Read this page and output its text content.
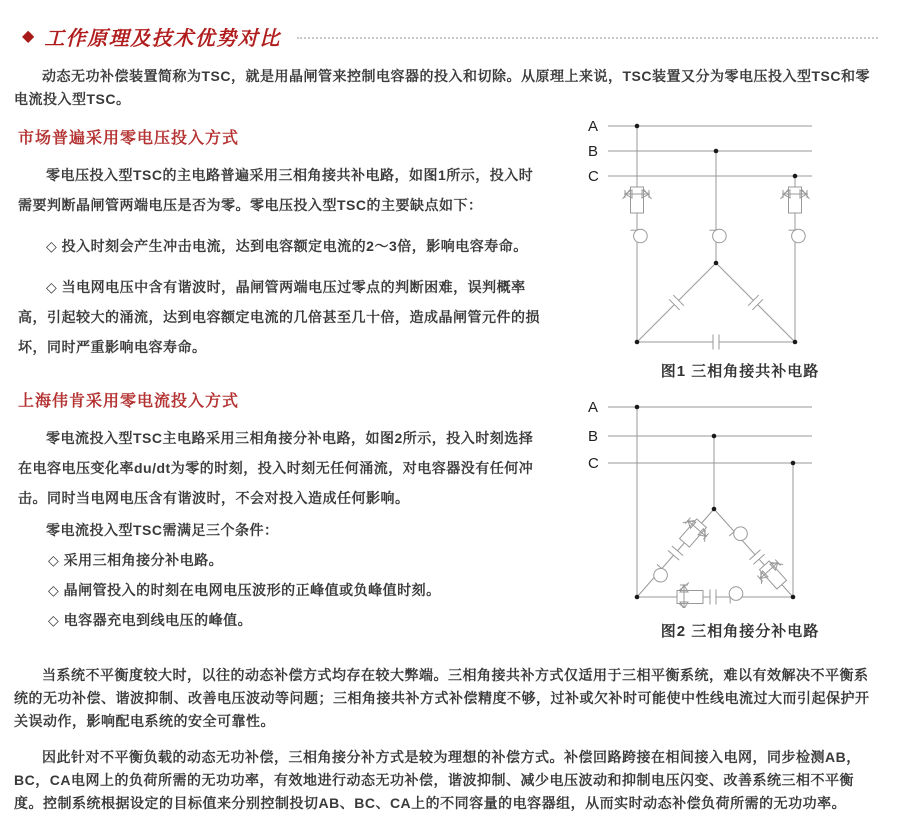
◆ 工作原理及技术优势对比

动态无功补偿装置简称为TSC，就是用晶闸管来控制电容器的投入和切除。从原理上来说，TSC装置又分为零电压投入型TSC和零电流投入型TSC。

市场普遍采用零电压投入方式

零电压投入型TSC的主电路普遍采用三相角接共补电路，如图1所示，投入时需要判断晶闸管两端电压是否为零。零电压投入型TSC的主要缺点如下：

◇ 投入时刻会产生冲击电流，达到电容额定电流的2～3倍，影响电容寿命。

◇ 当电网电压中含有谐波时，晶闸管两端电压过零点的判断困难，误判概率高，引起较大的涌流，达到电容额定电流的几倍甚至几十倍，造成晶闸管元件的损坏，同时严重影响电容寿命。

上海伟肯采用零电流投入方式

零电流投入型TSC主电路采用三相角接分补电路，如图2所示，投入时刻选择在电容电压变化率du/dt为零的时刻，投入时刻无任何涌流，对电容器没有任何冲击。同时当电网电压含有谐波时，不会对投入造成任何影响。

零电流投入型TSC需满足三个条件：

◇ 采用三相角接分补电路。

◇ 晶闸管投入的时刻在电网电压波形的正峰值或负峰值时刻。

◇ 电容器充电到线电压的峰值。

A
B
C
图1 三相角接共补电路
A
B
C
图2 三相角接分补电路

当系统不平衡度较大时，以往的动态补偿方式均存在较大弊端。三相角接共补方式仅适用于三相平衡系统，难以有效解决不平衡系统的无功补偿、谐波抑制、改善电压波动等问题；三相角接共补方式补偿精度不够，过补或欠补时可能使中性线电流过大而引起保护开关误动作，影响配电系统的安全可靠性。

因此针对不平衡负载的动态无功补偿，三相角接分补方式是较为理想的补偿方式。补偿回路跨接在相间接入电网，同步检测AB，BC，CA电网上的负荷所需的无功功率，有效地进行动态无功补偿，谐波抑制、减少电压波动和抑制电压闪变、改善系统三相不平衡度。控制系统根据设定的目标值来分别控制投切AB、BC、CA上的不同容量的电容器组，从而实时动态补偿负荷所需的无功功率。
